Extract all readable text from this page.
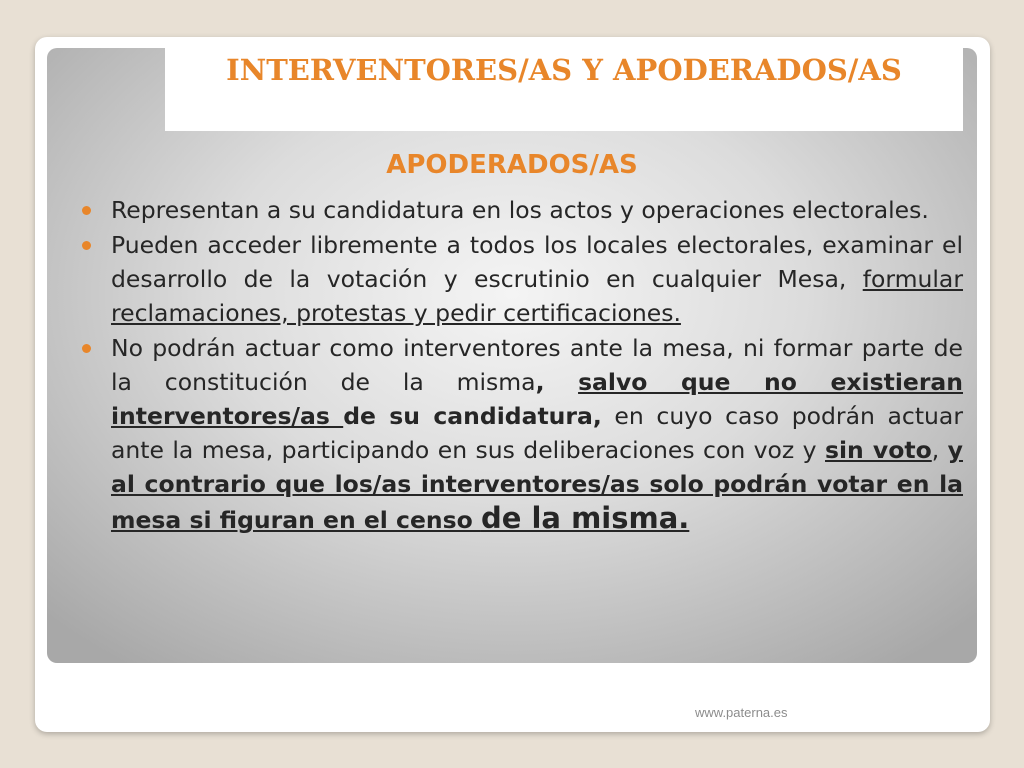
INTERVENTORES/AS Y APODERADOS/AS
APODERADOS/AS
Representan a su candidatura en los actos y operaciones electorales.
Pueden acceder libremente a todos los locales electorales, examinar el desarrollo de la votación y escrutinio en cualquier Mesa, formular reclamaciones, protestas y pedir certificaciones.
No podrán actuar como interventores ante la mesa, ni formar parte de la constitución de la misma, salvo que no existieran interventores/as de su candidatura, en cuyo caso podrán actuar ante la mesa, participando en sus deliberaciones con voz y sin voto, y al contrario que los/as interventores/as solo podrán votar en la mesa si figuran en el censo de la misma.

www.paterna.es
